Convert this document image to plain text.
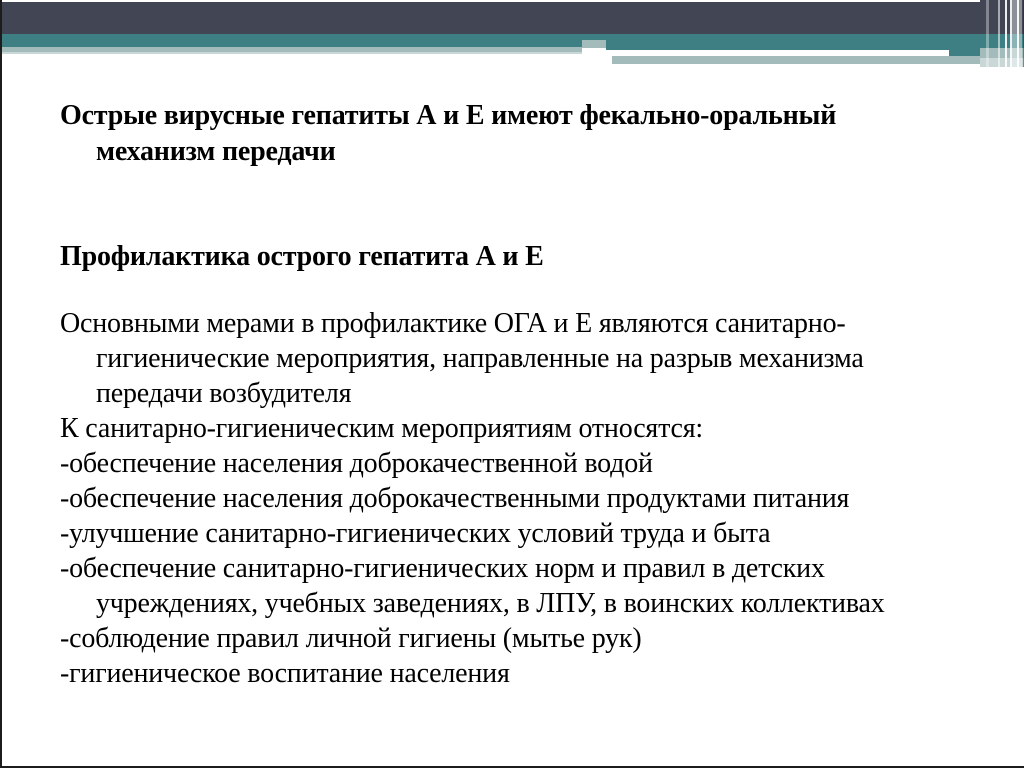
Острые вирусные гепатиты А и Е имеют фекально-оральный
механизм передачи
Профилактика острого гепатита А и Е
Основными мерами в профилактике ОГА и Е являются санитарно-
гигиенические мероприятия, направленные на разрыв механизма
передачи возбудителя
К санитарно-гигиеническим мероприятиям относятся:
-обеспечение населения доброкачественной водой
-обеспечение населения доброкачественными продуктами питания
-улучшение санитарно-гигиенических условий труда и быта
-обеспечение санитарно-гигиенических норм и правил в детских
учреждениях, учебных заведениях, в ЛПУ, в воинских коллективах
-соблюдение правил личной гигиены (мытье рук)
-гигиеническое воспитание населения
